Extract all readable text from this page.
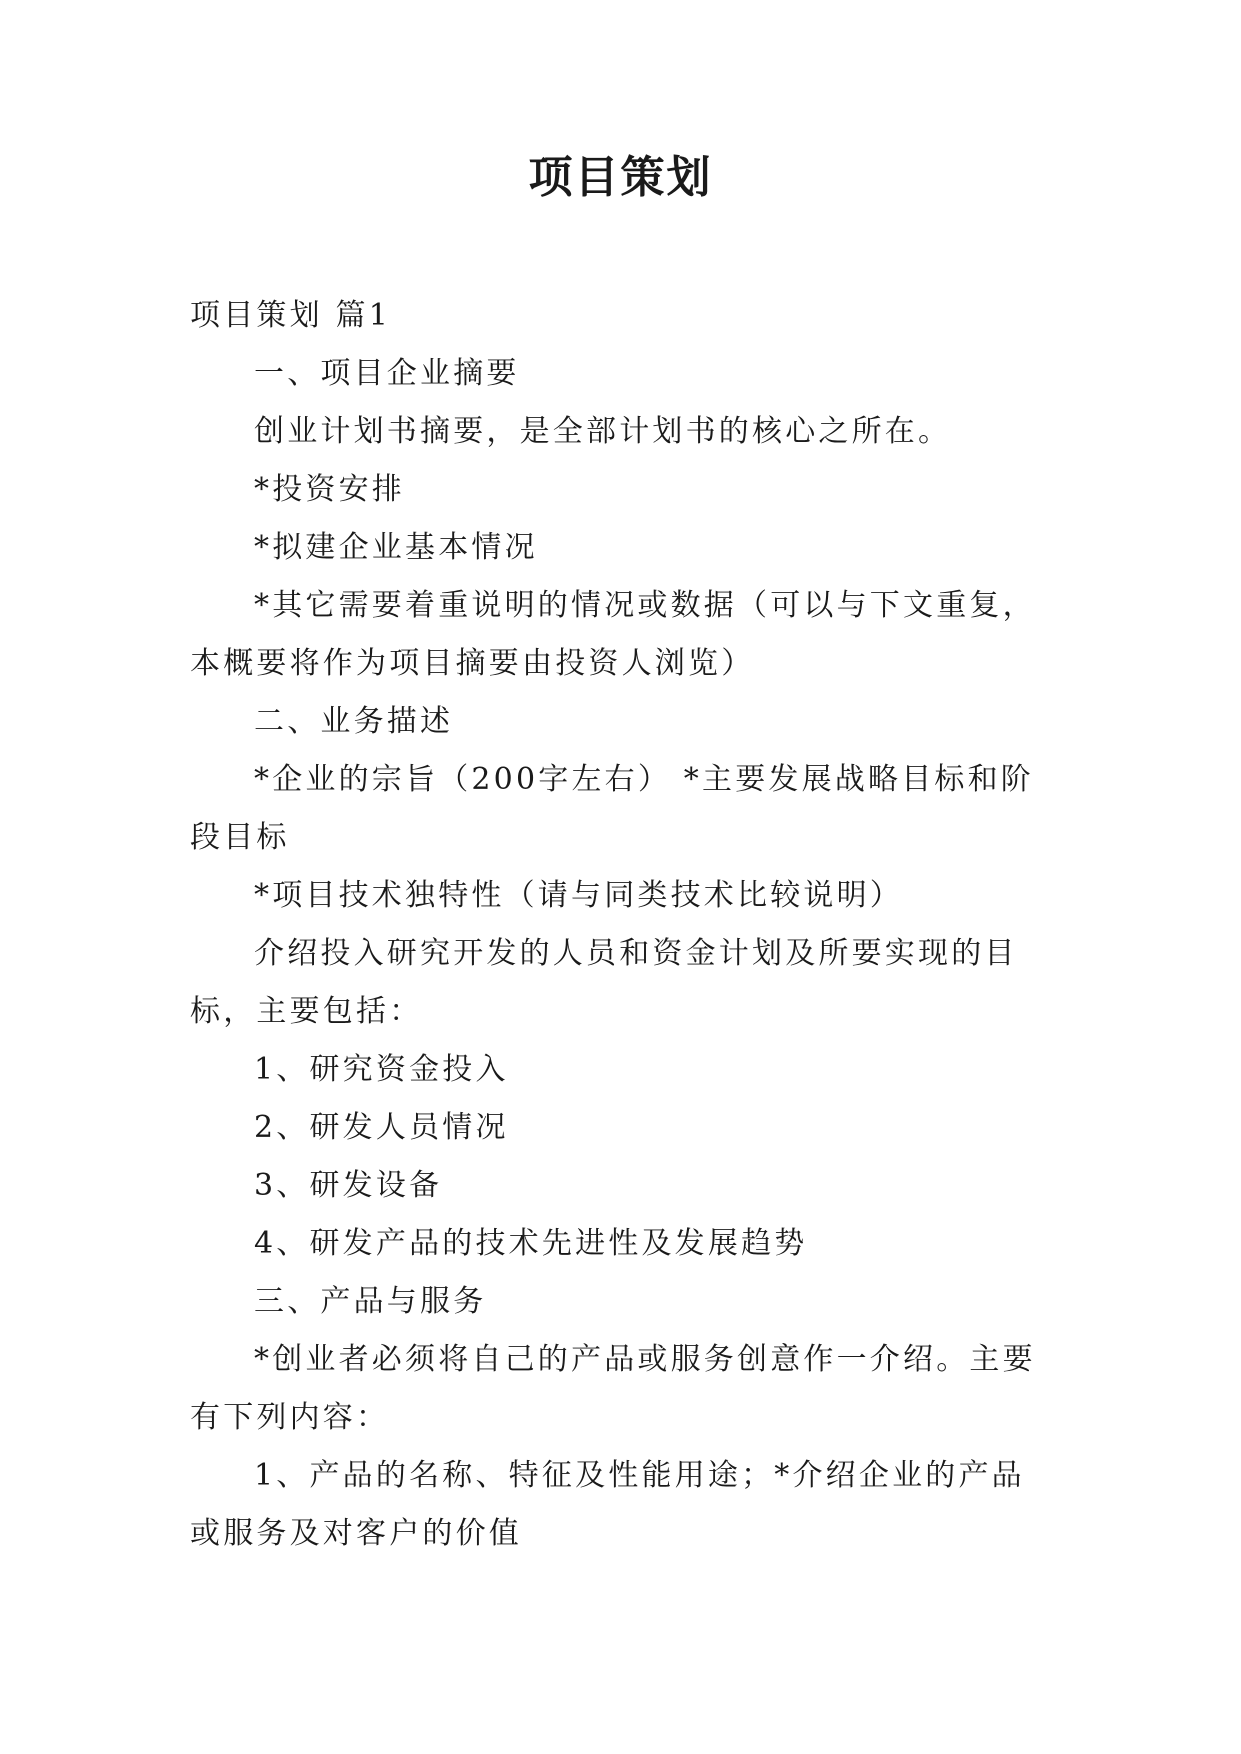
项目策划

项目策划 篇1

一、项目企业摘要

创业计划书摘要，是全部计划书的核心之所在。

*投资安排

*拟建企业基本情况

*其它需要着重说明的情况或数据（可以与下文重复，本概要将作为项目摘要由投资人浏览）

二、业务描述

*企业的宗旨（200字左右） *主要发展战略目标和阶段目标

*项目技术独特性（请与同类技术比较说明）

介绍投入研究开发的人员和资金计划及所要实现的目标，主要包括：

1、研究资金投入

2、研发人员情况

3、研发设备

4、研发产品的技术先进性及发展趋势

三、产品与服务

*创业者必须将自己的产品或服务创意作一介绍。主要有下列内容：

1、产品的名称、特征及性能用途；*介绍企业的产品或服务及对客户的价值
